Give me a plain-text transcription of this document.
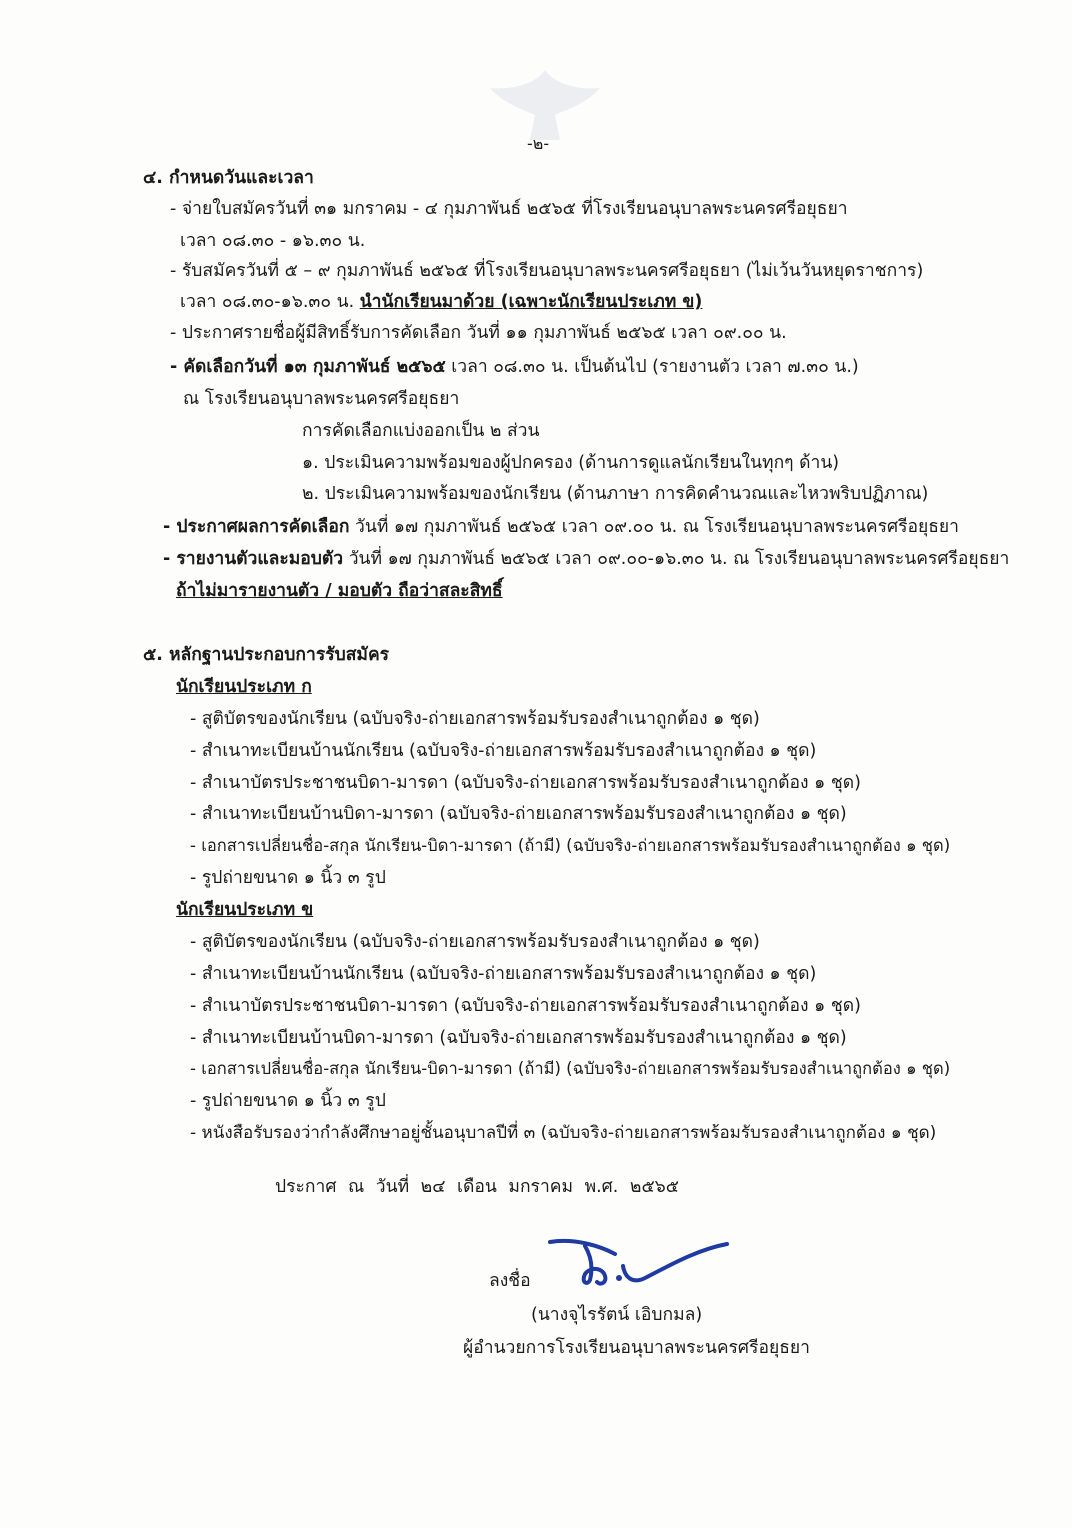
-๒-
๔. กำหนดวันและเวลา
- จ่ายใบสมัครวันที่ ๓๑ มกราคม - ๔ กุมภาพันธ์ ๒๕๖๕ ที่โรงเรียนอนุบาลพระนครศรีอยุธยา
เวลา ๐๘.๓๐ - ๑๖.๓๐ น.
- รับสมัครวันที่ ๕ – ๙ กุมภาพันธ์ ๒๕๖๕ ที่โรงเรียนอนุบาลพระนครศรีอยุธยา (ไม่เว้นวันหยุดราชการ)
เวลา ๐๘.๓๐-๑๖.๓๐ น. นำนักเรียนมาด้วย (เฉพาะนักเรียนประเภท ข)
- ประกาศรายชื่อผู้มีสิทธิ์รับการคัดเลือก วันที่ ๑๑ กุมภาพันธ์ ๒๕๖๕ เวลา ๐๙.๐๐ น.
- คัดเลือกวันที่ ๑๓ กุมภาพันธ์ ๒๕๖๕ เวลา ๐๘.๓๐ น. เป็นต้นไป (รายงานตัว เวลา ๗.๓๐ น.)
ณ โรงเรียนอนุบาลพระนครศรีอยุธยา
การคัดเลือกแบ่งออกเป็น ๒ ส่วน
๑. ประเมินความพร้อมของผู้ปกครอง (ด้านการดูแลนักเรียนในทุกๆ ด้าน)
๒. ประเมินความพร้อมของนักเรียน (ด้านภาษา การคิดคำนวณและไหวพริบปฏิภาณ)
- ประกาศผลการคัดเลือก วันที่ ๑๗ กุมภาพันธ์ ๒๕๖๕ เวลา ๐๙.๐๐ น. ณ โรงเรียนอนุบาลพระนครศรีอยุธยา
- รายงานตัวและมอบตัว วันที่ ๑๗ กุมภาพันธ์ ๒๕๖๕ เวลา ๐๙.๐๐-๑๖.๓๐ น. ณ โรงเรียนอนุบาลพระนครศรีอยุธยา
ถ้าไม่มารายงานตัว / มอบตัว ถือว่าสละสิทธิ์
๕. หลักฐานประกอบการรับสมัคร
นักเรียนประเภท ก
- สูติบัตรของนักเรียน (ฉบับจริง-ถ่ายเอกสารพร้อมรับรองสำเนาถูกต้อง ๑ ชุด)
- สำเนาทะเบียนบ้านนักเรียน (ฉบับจริง-ถ่ายเอกสารพร้อมรับรองสำเนาถูกต้อง ๑ ชุด)
- สำเนาบัตรประชาชนบิดา-มารดา (ฉบับจริง-ถ่ายเอกสารพร้อมรับรองสำเนาถูกต้อง ๑ ชุด)
- สำเนาทะเบียนบ้านบิดา-มารดา (ฉบับจริง-ถ่ายเอกสารพร้อมรับรองสำเนาถูกต้อง ๑ ชุด)
- เอกสารเปลี่ยนชื่อ-สกุล นักเรียน-บิดา-มารดา (ถ้ามี) (ฉบับจริง-ถ่ายเอกสารพร้อมรับรองสำเนาถูกต้อง ๑ ชุด)
- รูปถ่ายขนาด ๑ นิ้ว ๓ รูป
นักเรียนประเภท ข
- สูติบัตรของนักเรียน (ฉบับจริง-ถ่ายเอกสารพร้อมรับรองสำเนาถูกต้อง ๑ ชุด)
- สำเนาทะเบียนบ้านนักเรียน (ฉบับจริง-ถ่ายเอกสารพร้อมรับรองสำเนาถูกต้อง ๑ ชุด)
- สำเนาบัตรประชาชนบิดา-มารดา (ฉบับจริง-ถ่ายเอกสารพร้อมรับรองสำเนาถูกต้อง ๑ ชุด)
- สำเนาทะเบียนบ้านบิดา-มารดา (ฉบับจริง-ถ่ายเอกสารพร้อมรับรองสำเนาถูกต้อง ๑ ชุด)
- เอกสารเปลี่ยนชื่อ-สกุล นักเรียน-บิดา-มารดา (ถ้ามี) (ฉบับจริง-ถ่ายเอกสารพร้อมรับรองสำเนาถูกต้อง ๑ ชุด)
- รูปถ่ายขนาด ๑ นิ้ว ๓ รูป
- หนังสือรับรองว่ากำลังศึกษาอยู่ชั้นอนุบาลปีที่ ๓ (ฉบับจริง-ถ่ายเอกสารพร้อมรับรองสำเนาถูกต้อง ๑ ชุด)
ประกาศ ณ วันที่ ๒๔ เดือน มกราคม พ.ศ. ๒๕๖๕
ลงชื่อ
(นางจุไรรัตน์ เอิบกมล)
ผู้อำนวยการโรงเรียนอนุบาลพระนครศรีอยุธยา
